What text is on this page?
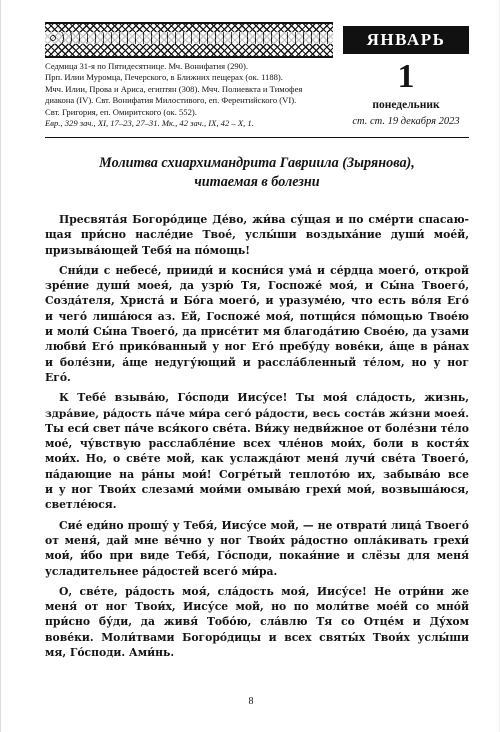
ЯНВАРЬ
1
понедельник
ст. ст. 19 декабря 2023
Седмица 31-я по Пятидесятнице. Мч. Вонифатия (290).
Прп. Илии Муромца, Печерского, в Ближних пещерах (ок. 1188).
Мчч. Илии, Прова и Ариса, египтян (308). Мчч. Полиевкта и Тимофея
диакона (IV). Свт. Вонифатия Милостивого, еп. Ферентийского (VI).
Свт. Григория, еп. Омиритского (ок. 552).
Евр., 329 зач., XI, 17–23, 27–31. Мк., 42 зач., IX, 42 – X, 1.
Молитва схиархимандрита Гавриила (Зырянова),
читаемая в болезни

Пресвята́я Богоро́дице Де́во, жи́ва су́щая и по сме́рти спасаю-
щая при́сно насле́дие Твое́, услы́ши воздыха́ние души́ мое́й,
призыва́ющей Тебя́ на по́мощь!

Сни́ди с небесе́, прииди́ и косни́ся ума́ и се́рдца моего́, открой
зре́ние души́ моея́, да узрю́ Тя, Госпоже́ моя́, и Сы́на Твоего́,
Созда́теля, Христа́ и Бо́га моего́, и уразуме́ю, что есть во́ля Его́
и чего́ лиша́юся аз. Ей, Госпоже́ моя́, потщи́ся по́мощью Твое́ю
и моли́ Сы́на Твоего́, да присе́тит мя благода́тию Свое́ю, да узами
любви́ Его́ прико́ванный у ног Его́ пребу́ду вове́ки, а́ще в ра́нах
и боле́зни, а́ще недугу́ющий и рассла́бленный те́лом, но у ног
Его́.

К Тебе́ взыва́ю, Го́споди Иису́се! Ты моя́ сла́дость, жизнь,
здра́вие, ра́дость па́че ми́ра сего́ ра́дости, весь соста́в жи́зни моея́.
Ты еси́ свет па́че вся́кого све́та. Ви́жу недви́жное от боле́зни те́ло
мое́, чу́вствую расслабле́ние всех чле́нов мои́х, боли в костя́х
мои́х. Но, о све́те мой, как услажда́ют меня́ лучи́ све́та Твоего́,
па́дающие на ра́ны мои́! Согре́тый теплото́ю их, забыва́ю все
и у ног Твои́х слезами́ мои́ми омыва́ю грехи́ мои́, возвыша́юся,
светле́юся.

Сие́ еди́но прошу́ у Тебя́, Иису́се мой, — не отврати́ лица́ Твоего́
от меня́, дай мне ве́чно у ног Твои́х ра́достно опла́кивать грехи́
мои́, и́бо при виде Тебя́, Го́споди, покая́ние и слёзы для меня́
усладительнее ра́достей всего́ ми́ра.

О, све́те, ра́дость моя́, сла́дость моя́, Иису́се! Не отри́ни же
меня́ от ног Твои́х, Иису́се мой, но по моли́тве мое́й со мно́й
при́сно бу́ди, да живя́ Тобо́ю, сла́влю Тя со Отце́м и Ду́хом
вове́ки. Моли́твами Богоро́дицы и всех святы́х Твои́х услы́ши
мя, Го́споди. Ами́нь.

8
